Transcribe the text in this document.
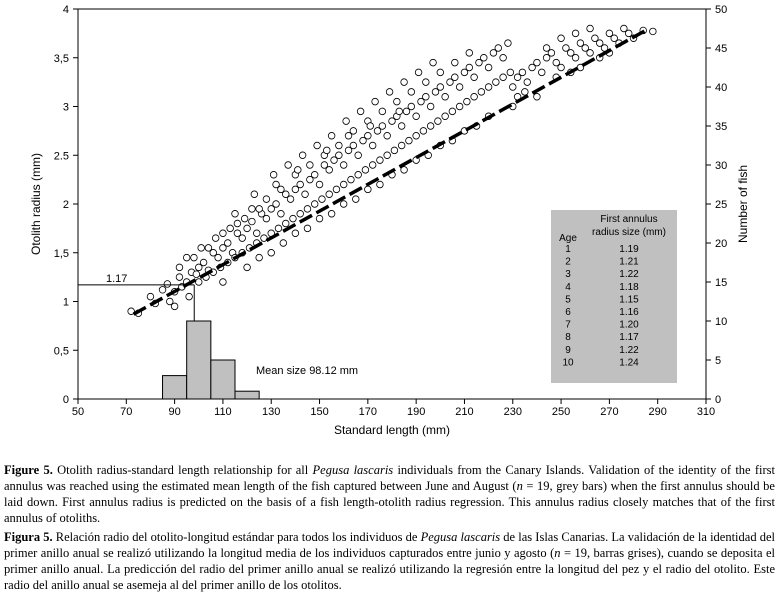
1.17
Mean size 98.12 mm
50	70	90	110	130	150	170	190	210	230	250	270	290	310
0
0,5
1
1,5
2
2.5
3
3,5
4
0
5
10
15
20
25
30
35
40
45
50
Standard length (mm)
Otolith radius (mm)	Number of fish
First annulus
radius size (mm)
Age
1	1.19
2	1.21
3	1.22
4	1.18
5	1.15
6	1.16
7	1.20
8	1.17
9	1.22
10	1.24

Figure 5. Otolith radius-standard length relationship for all Pegusa lascaris individuals from the Canary Islands. Validation of the identity of the first annulus was reached using the estimated mean length of the fish captured between June and August (n = 19, grey bars) when the first annulus should be laid down. First annulus radius is predicted on the basis of a fish length-otolith radius regression. This annulus radius closely matches that of the first annulus of otoliths.

Figura 5. Relación radio del otolito-longitud estándar para todos los individuos de Pegusa lascaris de las Islas Canarias. La validación de la identidad del primer anillo anual se realizó utilizando la longitud media de los individuos capturados entre junio y agosto (n = 19, barras grises), cuando se deposita el primer anillo anual. La predicción del radio del primer anillo anual se realizó utilizando la regresión entre la longitud del pez y el radio del otolito. Este radio del anillo anual se asemeja al del primer anillo de los otolitos.
